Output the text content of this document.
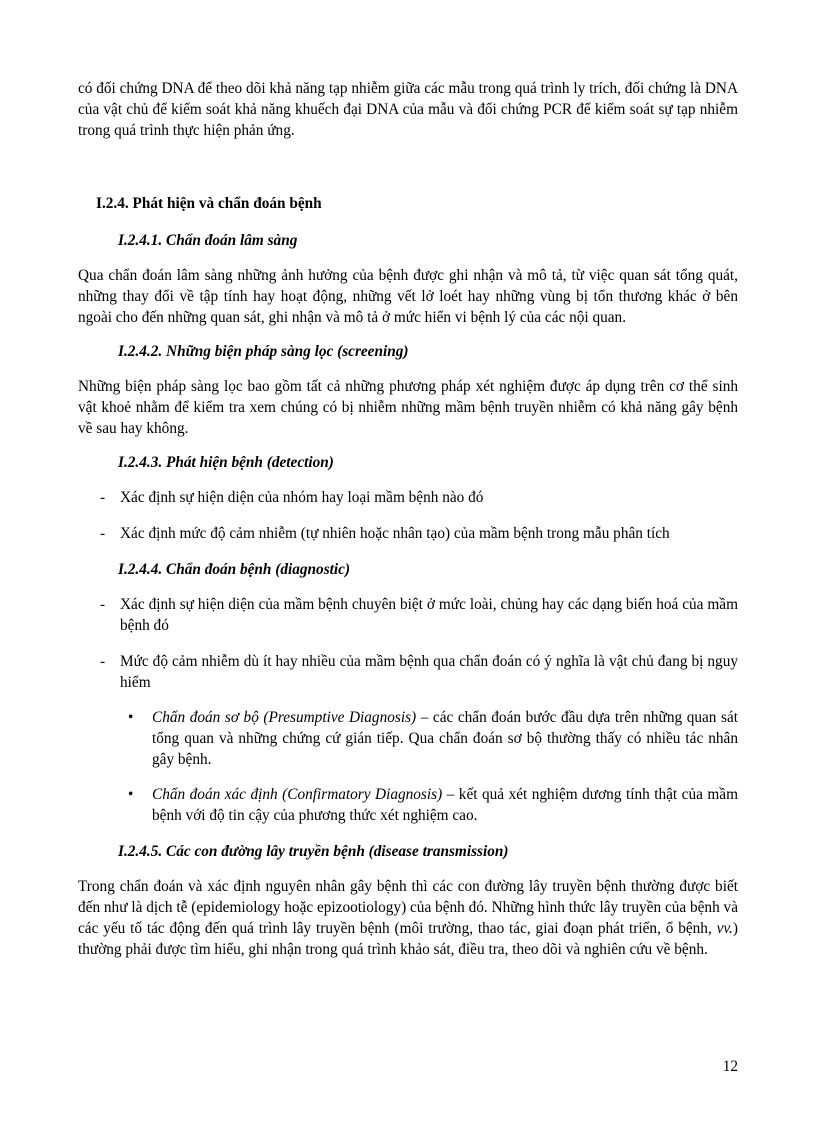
có đối chứng DNA để theo dõi khả năng tạp nhiễm giữa các mẫu trong quá trình ly trích, đối chứng là DNA của vật chủ để kiểm soát khả năng khuếch đại DNA của mẫu và đối chứng PCR để kiểm soát sự tạp nhiễm trong quá trình thực hiện phản ứng.

I.2.4. Phát hiện và chẩn đoán bệnh
I.2.4.1. Chẩn đoán lâm sàng

Qua chẩn đoán lâm sàng những ảnh hưởng của bệnh được ghi nhận và mô tả, từ việc quan sát tổng quát, những thay đổi về tập tính hay hoạt động, những vết lở loét hay những vùng bị tổn thương khác ở bên ngoài cho đến những quan sát, ghi nhận và mô tả ở mức hiển vi bệnh lý của các nội quan.

I.2.4.2. Những biện pháp sàng lọc (screening)

Những biện pháp sàng lọc bao gồm tất cả những phương pháp xét nghiệm được áp dụng trên cơ thể sinh vật khoẻ nhằm để kiểm tra xem chúng có bị nhiễm những mầm bệnh truyền nhiễm có khả năng gây bệnh về sau hay không.

I.2.4.3. Phát hiện bệnh (detection)
- Xác định sự hiện diện của nhóm hay loại mầm bệnh nào đó
- Xác định mức độ cảm nhiễm (tự nhiên hoặc nhân tạo) của mầm bệnh trong mẫu phân tích
I.2.4.4. Chẩn đoán bệnh (diagnostic)
- Xác định sự hiện diện của mầm bệnh chuyên biệt ở mức loài, chủng hay các dạng biến hoá của mầm bệnh đó
- Mức độ cảm nhiễm dù ít hay nhiều của mầm bệnh qua chẩn đoán có ý nghĩa là vật chủ đang bị nguy hiểm
• Chẩn đoán sơ bộ (Presumptive Diagnosis) – các chẩn đoán bước đầu dựa trên những quan sát tổng quan và những chứng cứ gián tiếp. Qua chẩn đoán sơ bộ thường thấy có nhiều tác nhân gây bệnh.
• Chẩn đoán xác định (Confirmatory Diagnosis) – kết quả xét nghiệm dương tính thật của mầm bệnh với độ tin cậy của phương thức xét nghiệm cao.
I.2.4.5. Các con đường lây truyền bệnh (disease transmission)

Trong chẩn đoán và xác định nguyên nhân gây bệnh thì các con đường lây truyền bệnh thường được biết đến như là dịch tễ (epidemiology hoặc epizootiology) của bệnh đó. Những hình thức lây truyền của bệnh và các yếu tố tác động đến quá trình lây truyền bệnh (môi trường, thao tác, giai đoạn phát triển, ổ bệnh, vv.) thường phải được tìm hiểu, ghi nhận trong quá trình khảo sát, điều tra, theo dõi và nghiên cứu về bệnh.

12
